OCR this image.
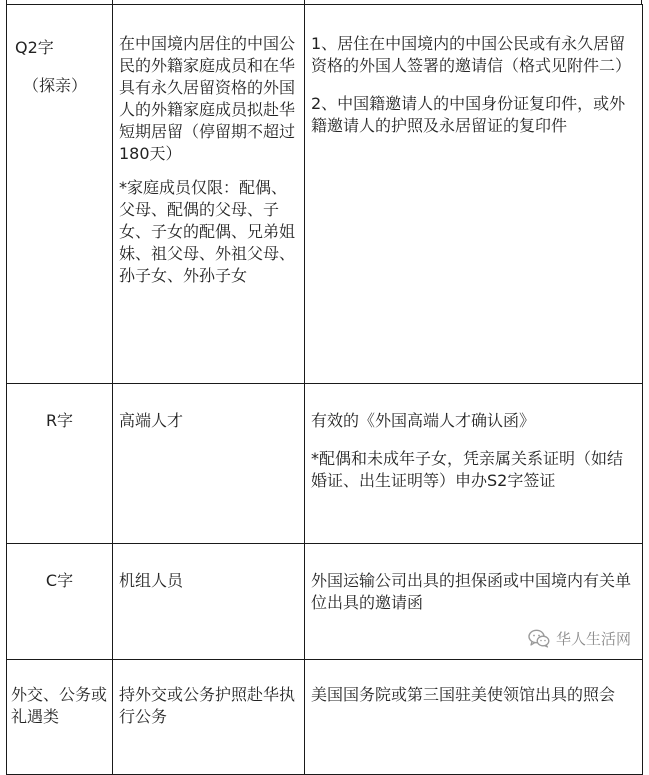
Q2字
（探亲）	在中国境内居住的中国公民的外籍家庭成员和在华具有永久居留资格的外国人的外籍家庭成员拟赴华短期居留（停留期不超过180天）
*家庭成员仅限：配偶、父母、配偶的父母、子女、子女的配偶、兄弟姐妹、祖父母、外祖父母、孙子女、外孙子女	1、居住在中国境内的中国公民或有永久居留资格的外国人签署的邀请信（格式见附件二）
2、中国籍邀请人的中国身份证复印件，或外籍邀请人的护照及永居留证的复印件

R字	高端人才	有效的《外国高端人才确认函》
*配偶和未成年子女，凭亲属关系证明（如结婚证、出生证明等）申办S2字签证

C字	机组人员	外国运输公司出具的担保函或中国境内有关单位出具的邀请函

外交、公务或礼遇类	持外交或公务护照赴华执行公务	美国国务院或第三国驻美使领馆出具的照会
华人生活网
